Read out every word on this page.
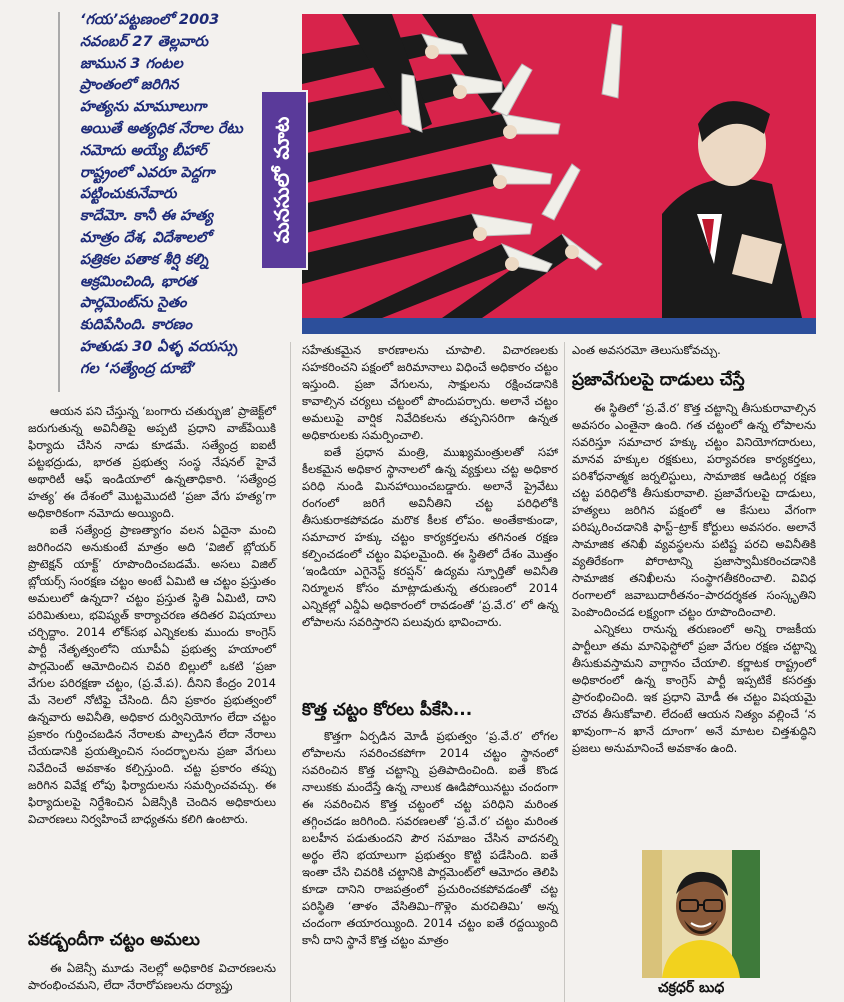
‘గయ’పట్టణంలో 2003
నవంబర్ 27 తెల్లవారు
జామున 3 గంటల
ప్రాంతంలో జరిగిన
హత్యను మామూలుగా
అయితే అత్యధిక నేరాల రేటు
నమోదు అయ్యే బీహార్
రాష్ట్రంలో ఎవరూ పెద్దగా
పట్టించుకునేవారు
కాదేమో. కానీ ఈ హత్య
మాత్రం దేశ, విదేశాలలో
పత్రికల పతాక శీర్షి కల్ని
ఆక్రమించింది, భారత
పార్లమెంట్‌ను సైతం
కుదిపేసింది. కారణం
హతుడు 30 ఏళ్ళ వయస్సు
గల ‘సత్యేంద్ర దూబే’
మనసులో మాట

ఆయన పని చేస్తున్న ‘బంగారు చతుర్భుజి’ ప్రాజెక్ట్‌లో జరుగుతున్న అవినీతిపై అప్పటి ప్రధాని వాజ్‌పేయికి ఫిర్యాదు చేసిన నాడు కూడమే. సత్యేంద్ర ఐఐటీ పట్టభద్రుడు, భారత ప్రభుత్వ సంస్థ నేషనల్ హైవే అథారిటీ ఆఫ్ ఇండియాలో ఉన్నతాధికారి. ‘సత్యేంద్ర హత్య’ ఈ దేశంలో మొట్టమొదటి ‘ప్రజా వేగు హత్య’గా అధికారికంగా నమోదు అయ్యింది.

ఐతే సత్యేంద్ర ప్రాణత్యాగం వలన ఏదైనా మంచి జరిగిందని అనుకుంటే మాత్రం అది ‘విజిల్ బ్లోయర్ ప్రొటెక్షన్ యాక్ట్’ రూపొందించబడమే. అసలు విజిల్ బ్లోయర్స్ సంరక్షణ చట్టం అంటే ఏమిటి ఆ చట్టం ప్రస్తుతం అమలులో ఉన్నదా? చట్టం ప్రస్తుత స్థితి ఏమిటి, దాని పరిమితులు, భవిష్యత్ కార్యాచరణ తదితర విషయాలు చర్చిద్దాం. 2014 లోక్‌సభ ఎన్నికలకు ముందు కాంగ్రెస్ పార్టీ నేతృత్వంలోని యూపీఏ ప్రభుత్వ హయాంలో పార్లమెంట్ ఆమోదించిన చివరి బిల్లులో ఒకటి ‘ప్రజా వేగుల పరిరక్షణా చట్టం, (ప్ర.వే.ప). దీనిని కేంద్రం 2014 మే నెలలో నోటిఫై చేసింది. దీని ప్రకారం ప్రభుత్వంలో ఉన్నవారు అవినీతి, అధికార దుర్వినియోగం లేదా చట్టం ప్రకారం గుర్తించబడిన నేరాలకు పాల్పడిన లేదా నేరాలు చేయడానికి ప్రయత్నించిన సందర్భాలను ప్రజా వేగులు నివేదించే అవకాశం కల్పిస్తుంది. చట్ట ప్రకారం తప్పు జరిగిన వివేక్ష లోపు ఫిర్యాదులను సమర్పించవచ్చు. ఈ ఫిర్యాదులపై నిర్దేశించిన ఏజెన్సీకి చెందిన అధికారులు విచారణలు నిర్వహించే బాధ్యతను కలిగి ఉంటారు.

పకడ్బందీగా చట్టం అమలు

ఈ ఏజెన్సీ మూడు నెలల్లో అధికారిక విచారణలను పారంభించమని, లేదా నేరారోపణలను దర్యాప్తు

సహేతుకమైన కారణాలను చూపాలి. విచారణలకు సహకరించని పక్షంలో జరిమానాలు విధించే అధికారం చట్టం ఇస్తుంది. ప్రజా వేగులను, సాక్షులను రక్షించడానికి కావాల్సిన చర్యలు చట్టంలో పొందుపర్చారు. అలానే చట్టం అమలుపై వార్షిక నివేదికలను తప్పనిసరిగా ఉన్నత అధికారులకు సమర్పించాలి.

ఐతే ప్రధాన మంత్రి, ముఖ్యమంత్రులతో సహా కీలకమైన అధికార స్థానాలలో ఉన్న వ్యక్తులు చట్ట అధికార పరిధి నుండి మినహాయించబడ్డారు. అలానే ప్రైవేటు రంగంలో జరిగే అవినీతిని చట్ట పరిధిలోకి తీసుకురాకపోవడం మరొక కీలక లోపం. అంతేకాకుండా, సమాచార హక్కు చట్టం కార్యకర్తలను తగినంత రక్షణ కల్పించడంలో చట్టం విఫలమైంది. ఈ స్థితిలో దేశం మొత్తం ‘ఇండియా ఎగైనెస్ట్ కరప్షన్’ ఉద్యమ స్ఫూర్తితో అవినీతి నిర్మూలన కోసం మాట్లాడుతున్న తరుణంలో 2014 ఎన్నికల్లో ఎన్డీఏ అధికారంలో రావడంతో ‘ప్ర.వే.ర’ లో ఉన్న లోపాలను సవరిస్తారని పలువురు భావించారు.

కొత్త చట్టం కోరలు పీకేసి...

కొత్తగా ఏర్పడిన మోడీ ప్రభుత్వం ‘ప్ర.వే.ర’ లోగల లోపాలను సవరించకపోగా 2014 చట్టం స్థానంలో సవరించిన కొత్త చట్టాన్ని ప్రతిపాదించింది. ఐతే కొండ నాలుకకు మందేస్తే ఉన్న నాలుక ఊడిపోయినట్టు చందంగా ఈ సవరించిన కొత్త చట్టంలో చట్ట పరిధిని మరింత తగ్గించడం జరిగింది. సవరణలతో ‘ప్ర.వే.ర’ చట్టం మరింత బలహీన పడుతుందని పౌర సమాజం చేసిన వాదనల్ని అర్థం లేని భయాలుగా ప్రభుత్వం కొట్టి పడేసింది. ఐతే ఇంతా చేసి చివరికి చట్టానికి పార్లమెంట్‌లో ఆమోదం తెలిపి కూడా దానిని రాజపత్రంలో ప్రచురించకపోవడంతో చట్ట పరిస్థితి ‘తాళం వేసితిమి–గొళ్లెం మరచితిమి’ అన్న చందంగా తయారయ్యింది. 2014 చట్టం ఐతే రద్దయ్యింది కానీ దాని స్థానే కొత్త చట్టం మాత్రం

ఎంత అవసరమో తెలుసుకోవచ్చు.

ప్రజావేగులపై దాడులు చేస్తే

ఈ స్థితిలో ‘ప్ర.వే.ర’ కొత్త చట్టాన్ని తీసుకురావాల్సిన అవసరం ఎంతైనా ఉంది. గత చట్టంలో ఉన్న లోపాలను సవరిస్తూ సమాచార హక్కు చట్టం వినియోగదారులు, మానవ హక్కుల రక్షకులు, పర్యావరణ కార్యకర్తలు, పరిశోధనాత్మక జర్నలిస్టులు, సామాజిక ఆడిటర్ల రక్షణ చట్ట పరిధిలోకి తీసుకురావాలి. ప్రజావేగులపై దాడులు, హత్యలు జరిగిన పక్షంలో ఆ కేసులు వేగంగా పరిష్కరించడానికి ఫాస్ట్–ట్రాక్ కోర్టులు అవసరం. అలానే సామాజిక తనిఖీ వ్యవస్థలను పటిష్ట పరచి అవినీతికి వ్యతిరేకంగా పోరాటాన్ని ప్రజాస్వామీకరించడానికి సామాజిక తనిఖీలను సంస్థాగతీకరించాలి. వివిధ రంగాలలో జవాబుదారీతనం–పారదర్శకత సంస్కృతిని పెంపొందించడ లక్ష్యంగా చట్టం రూపొందించాలి.

ఎన్నికలు రానున్న తరుణంలో అన్ని రాజకీయ పార్టీలూ తమ మానిఫెస్టోలో ప్రజా వేగుల రక్షణ చట్టాన్ని తీసుకువస్తామని వాగ్దానం చేయాలి. కర్ణాటక రాష్ట్రంలో అధికారంలో ఉన్న కాంగ్రెస్ పార్టీ ఇప్పటికే కసరత్తు ప్రారంభించింది. ఇక ప్రధాని మోడీ ఈ చట్టం విషయమై చొరవ తీసుకోవాలి. లేదంటే ఆయన నిత్యం వల్లించే ‘న ఖావుంగా–న ఖానే దూంగా’ అనే మాటల చిత్తశుద్ధిని ప్రజలు అనుమానించే అవకాశం ఉంది.

చక్రధర్ బుధ
